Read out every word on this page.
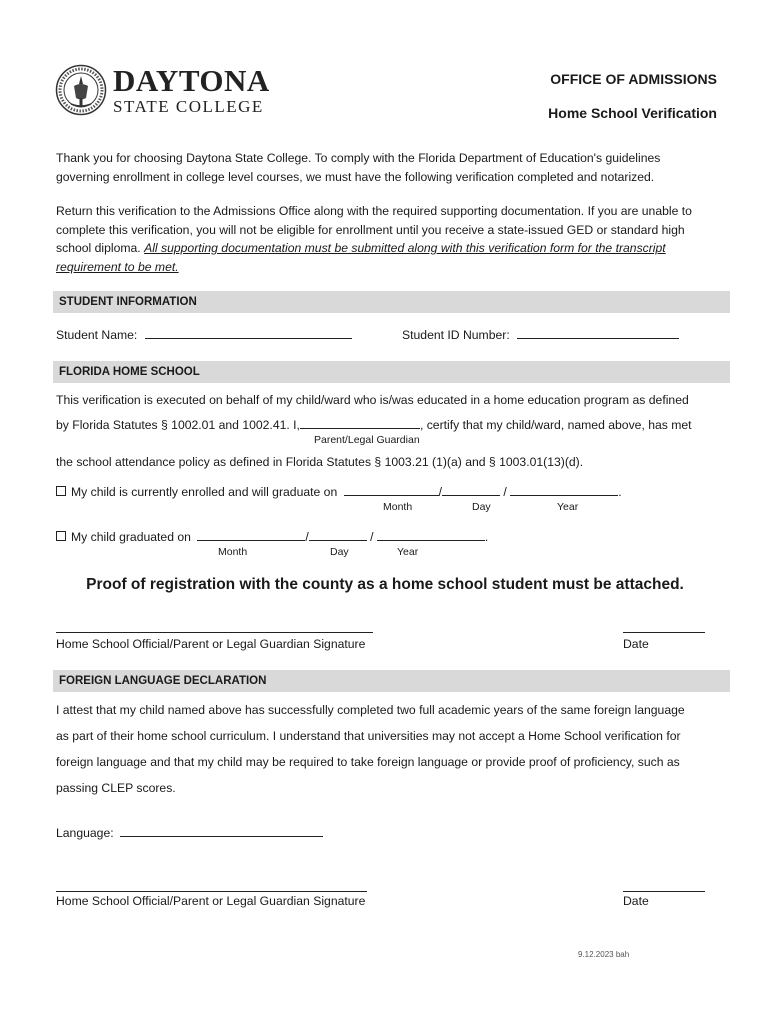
DAYTONA
STATE COLLEGE
OFFICE OF ADMISSIONS
Home School Verification
Thank you for choosing Daytona State College. To comply with the Florida Department of Education's guidelines governing enrollment in college level courses, we must have the following verification completed and notarized.
Return this verification to the Admissions Office along with the required supporting documentation. If you are unable to complete this verification, you will not be eligible for enrollment until you receive a state-issued GED or standard high school diploma. All supporting documentation must be submitted along with this verification form for the transcript requirement to be met.
STUDENT INFORMATION
Student Name:	Student ID Number:
FLORIDA HOME SCHOOL
This verification is executed on behalf of my child/ward who is/was educated in a home education program as defined
by Florida Statutes § 1002.01 and 1002.41. I,	, certify that my child/ward, named above, has met
Parent/Legal Guardian
the school attendance policy as defined in Florida Statutes § 1003.21 (1)(a) and § 1003.01(13)(d).
My child is currently enrolled and will graduate on	/	/	.
Month	Day	Year
My child graduated on	/	/	.
Month	Day	Year
Proof of registration with the county as a home school student must be attached.
Home School Official/Parent or Legal Guardian Signature	Date
FOREIGN LANGUAGE DECLARATION
I attest that my child named above has successfully completed two full academic years of the same foreign language
as part of their home school curriculum. I understand that universities may not accept a Home School verification for
foreign language and that my child may be required to take foreign language or provide proof of proficiency, such as
passing CLEP scores.
Language:
Home School Official/Parent or Legal Guardian Signature	Date
9.12.2023 bah
